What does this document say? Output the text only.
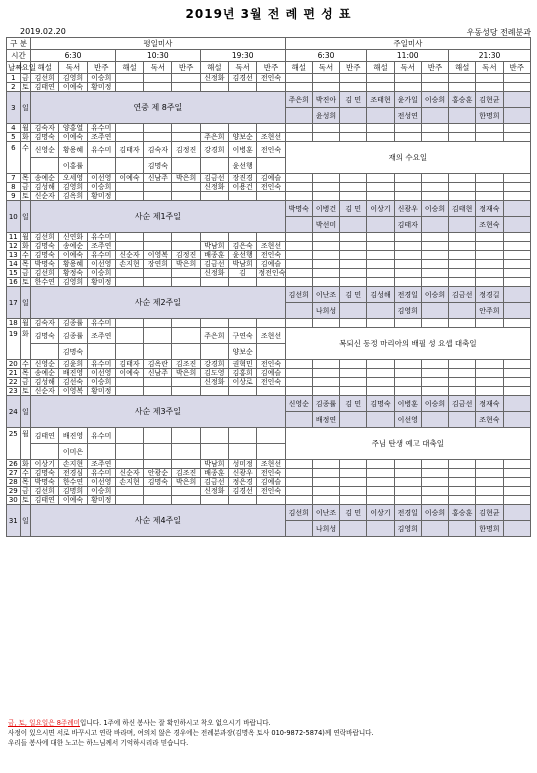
2019년 3월 전 례 편 성 표
2019.02.20	우동성당 전례분과
구 분		평일미사									주일미사								
시간		6:30			10:30			19:30			6:30			11:00			21:30		
날짜	요일	해설	독서	반주	해설	독서	반주	해설	독서	반주	해설	독서	반주	해설	독서	반주	해설	독서	반주
1	금	김선희	김영희	이승희				신정화	김경선	전인숙									
2	토	김태연	이예숙	황미정															
3	일	연중 제 8주일									주은희	박진아	김 민	조태현	윤가일	이승희	홍승훈	김현균	
												윤성희			전성연			한명희	
4	월	김숙자	양홍열	유수미															
5	화	김명숙	이예숙	조주연				주은희	양보순	조현선									
6	수	신영순	황용혜	유수미	김태자	김숙자	김정진	강경희	이병훈	전인숙	재의 수요일								
			이홍률			김명숙			윤선행										
7	목	송예순	오세영	이선영	이예숙	신남주	박은희	김금선	장진경	김예슬									
8	금	김성해	김영희	이승희				신정화	이용건	전인숙									
9	토	신순자	김옥희	황미정															
10	일	사순 제1주일									박명숙	이병건	김 민	이상기	신광우	이승희	김태현	정재숙	
												박선미			김태자			조현숙	
11	월	김선희	신연화	유수미															
12	화	김명숙	송예순	조주연				박남희	김은숙	조현선									
13	수	김명숙	이예숙	유수미	신순자	이영복	김정진	배종훈	윤선행	전인숙									
14	목	박명숙	황용혜	이선영	손지현	장연희	박은희	김금선	박남희	김예슬									
15	금	김선희	황정숙	이승희				신정화	김	정전인숙									
16	토	한수연	김영희	황미정															
17	일	사순 제2주일									김선희	이난조	김 민	김성해	전경일	이승희	김금선	정경길	
												나희성			김영희			안주희	
18	월	김숙자	김종률	유수미															
19	화	김명숙	김종률	조주연				주은희	구연숙	조현선	복되신 동정 마리아의 배필 성 요셉 대축일								
			김명숙						양보순										
20	수	신영순	김윤희	유수미	김태자	김옥란	김조진	강경희	권혁민	전인숙									
21	목	송예순	배진영	이선영	이예숙	신남주	박은희	김도영	김홍희	김예슬									
22	금	김성해	김선숙	이승희				신정화	이상로	전인숙									
23	토	신순자	이영복	황미정															
24	일	사순 제3주일									신영순	김종률	김 민	김명숙	이병훈	이승희	김금선	정재숙	
												배정연			이선영			조현숙	
25	월	김태연	배진영	유수미							주님 탄생 예고 대축일								
			이미은																
26	화	이상기	손지현	조주연				박남희	성미정	조현선									
27	수	김명숙	전경심	유수미	신순자	안광순	김조진	배종훈	신광우	전인숙									
28	목	박명숙	한수연	이선영	손지현	김명숙	박은희	김금선	정은경	김예슬									
29	금	김선희	김명희	이승희				신정화	김경선	전인숙									
30	토	김태연	이예숙	황미정															
31	일	사순 제4주일									김선희	이난조	김 민	이상기	전경일	이승희	홍승훈	김현균	
												나희성			김영희			한명희	
금, 토, 일요일은 8주례미입니다. 1주에 하신 봉사는 잘 확인하시고 착오 없으시기 바랍니다.
사정이 있으시면 서로 바꾸시고 연락 바라며, 여의치 않은 경우에는 전례분과장(김명옥 토사 010-9872-5874)께 연락바랍니다.
우리들 봉사에 대한 노고는 하느님께서 기억하시리라 믿습니다.
